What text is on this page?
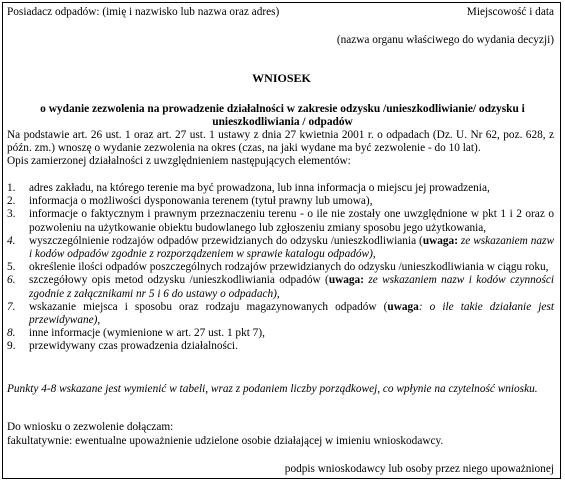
Posiadacz odpadów: (imię i nazwisko lub nazwa oraz adres)	Miejscowość i data
(nazwa organu właściwego do wydania decyzji)
WNIOSEK
o wydanie zezwolenia na prowadzenie działalności w zakresie odzysku /unieszkodliwianie/ odzysku i unieszkodliwiania / odpadów
Na podstawie art. 26 ust. 1 oraz art. 27 ust. 1 ustawy z dnia 27 kwietnia 2001 r. o odpadach (Dz. U. Nr 62, poz. 628, z późn. zm.) wnoszę o wydanie zezwolenia na okres (czas, na jaki wydane ma być zezwolenie - do 10 lat).
Opis zamierzonej działalności z uwzględnieniem następujących elementów:
1. adres zakładu, na którego terenie ma być prowadzona, lub inna informacja o miejscu jej prowadzenia,
2. informacja o możliwości dysponowania terenem (tytuł prawny lub umowa),
3. informacje o faktycznym i prawnym przeznaczeniu terenu - o ile nie zostały one uwzględnione w pkt 1 i 2 oraz o pozwoleniu na użytkowanie obiektu budowlanego lub zgłoszeniu zmiany sposobu jego użytkowania,
4. wyszczególnienie rodzajów odpadów przewidzianych do odzysku /unieszkodliwiania (uwaga: ze wskazaniem nazw i kodów odpadów zgodnie z rozporządzeniem w sprawie katalogu odpadów),
5. określenie ilości odpadów poszczególnych rodzajów przewidzianych do odzysku /unieszkodliwiania w ciągu roku,
6. szczegółowy opis metod odzysku /unieszkodliwiania odpadów (uwaga: ze wskazaniem nazw i kodów czynności zgodnie z załącznikami nr 5 i 6 do ustawy o odpadach),
7. wskazanie miejsca i sposobu oraz rodzaju magazynowanych odpadów (uwaga: o ile takie działanie jest przewidywane),
8. inne informacje (wymienione w art. 27 ust. 1 pkt 7),
9. przewidywany czas prowadzenia działalności.
Punkty 4-8 wskazane jest wymienić w tabeli, wraz z podaniem liczby porządkowej, co wpłynie na czytelność wniosku.
Do wniosku o zezwolenie dołączam:
fakultatywnie: ewentualne upoważnienie udzielone osobie działającej w imieniu wnioskodawcy.
podpis wnioskodawcy lub osoby przez niego upoważnionej
